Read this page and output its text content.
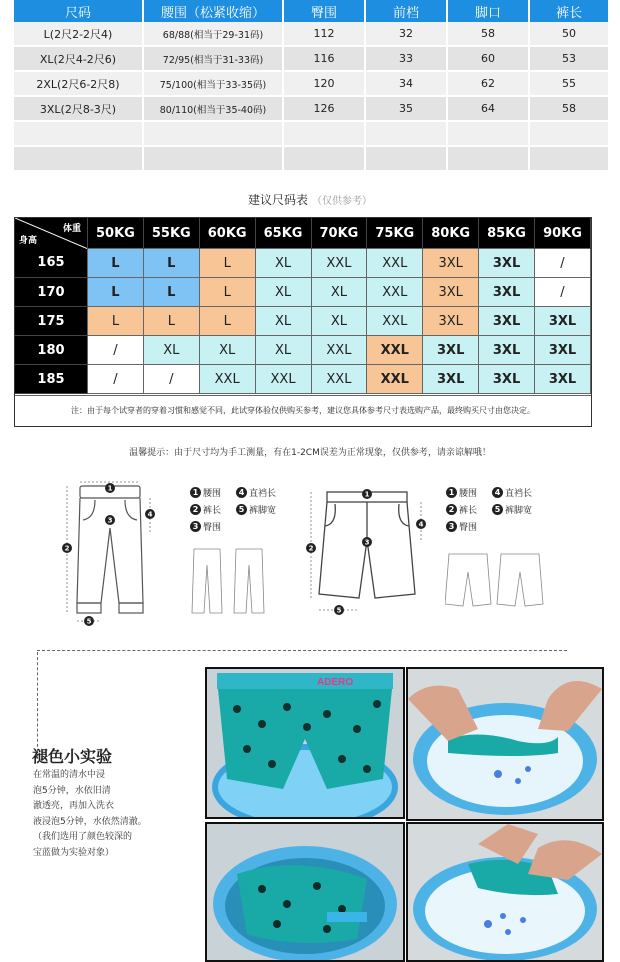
尺码	腰围（松紧收缩）	臀围	前档	脚口	裤长
L(2尺2-2尺4)	68/88(相当于29-31码)	112	32	58	50
XL(2尺4-2尺6)	72/95(相当于31-33码)	116	33	60	53
2XL(2尺6-2尺8)	75/100(相当于33-35码)	120	34	62	55
3XL(2尺8-3尺)	80/110(相当于35-40码)	126	35	64	58

建议尺码表 （仅供参考）
体重
身高	50KG	55KG	60KG	65KG	70KG	75KG	80KG	85KG	90KG
165	L	L	L	XL	XXL	XXL	3XL	3XL	/
170	L	L	L	XL	XL	XXL	3XL	3XL	/
175	L	L	L	XL	XL	XXL	3XL	3XL	3XL
180	/	XL	XL	XL	XXL	XXL	3XL	3XL	3XL
185	/	/	XXL	XXL	XXL	XXL	3XL	3XL	3XL
注：由于每个试穿者的穿着习惯和感觉不同，此试穿体验仅供购买参考，建议您具体参考尺寸表选购产品，最终购买尺寸由您决定。
温馨提示：由于尺寸均为手工测量，有在1-2CM误差为正常现象，仅供参考，请亲谅解哦！
1
2
3
4
5
1 腰围	4 直裆长
2 裤长	5 裤脚宽
3 臀围
1
2
3
4
5
1 腰围	4 直裆长
2 裤长	5 裤脚宽
3 臀围
褪色小实验
在常温的清水中浸
泡5分钟，水依旧清
澈透亮，再加入洗衣
液浸泡5分钟，水依然清澈。
（我们选用了颜色较深的
宝蓝做为实验对象）
ADERO
